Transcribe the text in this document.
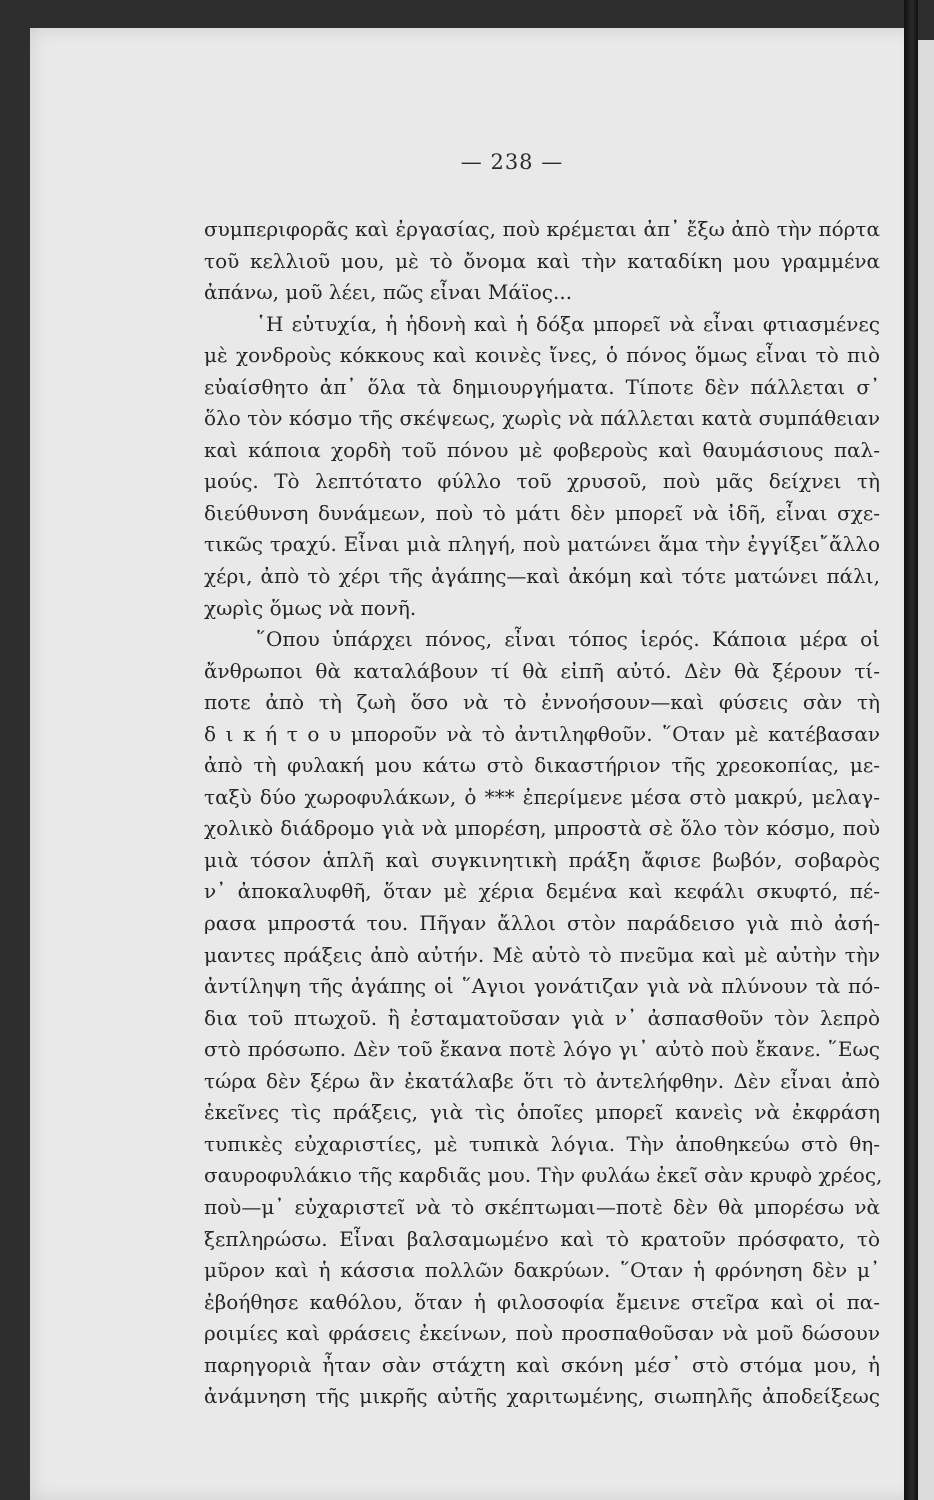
— 238 —
συμπεριφορᾶς καὶ ἐργασίας, ποὺ κρέμεται ἀπ᾽ ἔξω ἀπὸ τὴν πόρτα
τοῦ κελλιοῦ μου, μὲ τὸ ὄνομα καὶ τὴν καταδίκη μου γραμμένα
ἀπάνω, μοῦ λέει, πῶς εἶναι Μάϊος...
῾Η εὐτυχία, ἡ ἡδονὴ καὶ ἡ δόξα μπορεῖ νὰ εἶναι φτιασμένες
μὲ χονδροὺς κόκκους καὶ κοινὲς ἴνες, ὁ πόνος ὅμως εἶναι τὸ πιὸ
εὐαίσθητο ἀπ᾽ ὅλα τὰ δημιουργήματα. Τίποτε δὲν πάλλεται σ᾽
ὅλο τὸν κόσμο τῆς σκέψεως, χωρὶς νὰ πάλλεται κατὰ συμπάθειαν
καὶ κάποια χορδὴ τοῦ πόνου μὲ φοβεροὺς καὶ θαυμάσιους παλ-
μούς. Τὸ λεπτότατο φύλλο τοῦ χρυσοῦ, ποὺ μᾶς δείχνει τὴ
διεύθυνση δυνάμεων, ποὺ τὸ μάτι δὲν μπορεῖ νὰ ἰδῆ, εἶναι σχε-
τικῶς τραχύ. Εἶναι μιὰ πληγή, ποὺ ματώνει ἅμα τὴν ἐγγίξει῎ἄλλο
χέρι, ἀπὸ τὸ χέρι τῆς ἀγάπης—καὶ ἀκόμη καὶ τότε ματώνει πάλι,
χωρὶς ὅμως νὰ πονῆ.
῞Οπου ὑπάρχει πόνος, εἶναι τόπος ἱερός. Κάποια μέρα οἱ
ἄνθρωποι θὰ καταλάβουν τί θὰ εἰπῆ αὐτό. Δὲν θὰ ξέρουν τί-
ποτε ἀπὸ τὴ ζωὴ ὅσο νὰ τὸ ἐννοήσουν—καὶ φύσεις σὰν τὴ
δ ι κ ή τ ο υ μποροῦν νὰ τὸ ἀντιληφθοῦν. ῞Οταν μὲ κατέβασαν
ἀπὸ τὴ φυλακή μου κάτω στὸ δικαστήριον τῆς χρεοκοπίας, με-
ταξὺ δύο χωροφυλάκων, ὁ *** ἐπερίμενε μέσα στὸ μακρύ, μελαγ-
χολικὸ διάδρομο γιὰ νὰ μπορέση, μπροστὰ σὲ ὅλο τὸν κόσμο, ποὺ
μιὰ τόσον ἁπλῆ καὶ συγκινητικὴ πράξη ἄφισε βωβόν, σοβαρὸς
ν᾽ ἀποκαλυφθῆ, ὅταν μὲ χέρια δεμένα καὶ κεφάλι σκυφτό, πέ-
ρασα μπροστά του. Πῆγαν ἄλλοι στὸν παράδεισο γιὰ πιὸ ἀσή-
μαντες πράξεις ἀπὸ αὐτήν. Μὲ αὐτὸ τὸ πνεῦμα καὶ μὲ αὐτὴν τὴν
ἀντίληψη τῆς ἀγάπης οἱ ῞Αγιοι γονάτιζαν γιὰ νὰ πλύνουν τὰ πό-
δια τοῦ πτωχοῦ. ἢ ἐσταματοῦσαν γιὰ ν᾽ ἀσπασθοῦν τὸν λεπρὸ
στὸ πρόσωπο. Δὲν τοῦ ἔκανα ποτὲ λόγο γι᾽ αὐτὸ ποὺ ἔκανε. ῞Εως
τώρα δὲν ξέρω ἂν ἐκατάλαβε ὅτι τὸ ἀντελήφθην. Δὲν εἶναι ἀπὸ
ἐκεῖνες τὶς πράξεις, γιὰ τὶς ὁποῖες μπορεῖ κανεὶς νὰ ἐκφράση
τυπικὲς εὐχαριστίες, μὲ τυπικὰ λόγια. Τὴν ἀποθηκεύω στὸ θη-
σαυροφυλάκιο τῆς καρδιᾶς μου. Τὴν φυλάω ἐκεῖ σὰν κρυφὸ χρέος,
ποὺ—μ᾽ εὐχαριστεῖ νὰ τὸ σκέπτωμαι—ποτὲ δὲν θὰ μπορέσω νὰ
ξεπληρώσω. Εἶναι βαλσαμωμένο καὶ τὸ κρατοῦν πρόσφατο, τὸ
μῦρον καὶ ἡ κάσσια πολλῶν δακρύων. ῞Οταν ἡ φρόνηση δὲν μ᾽
ἐβοήθησε καθόλου, ὅταν ἡ φιλοσοφία ἔμεινε στεῖρα καὶ οἱ πα-
ροιμίες καὶ φράσεις ἐκείνων, ποὺ προσπαθοῦσαν νὰ μοῦ δώσουν
παρηγοριὰ ἦταν σὰν στάχτη καὶ σκόνη μέσ᾽ στὸ στόμα μου, ἡ
ἀνάμνηση τῆς μικρῆς αὐτῆς χαριτωμένης, σιωπηλῆς ἀποδείξεως
